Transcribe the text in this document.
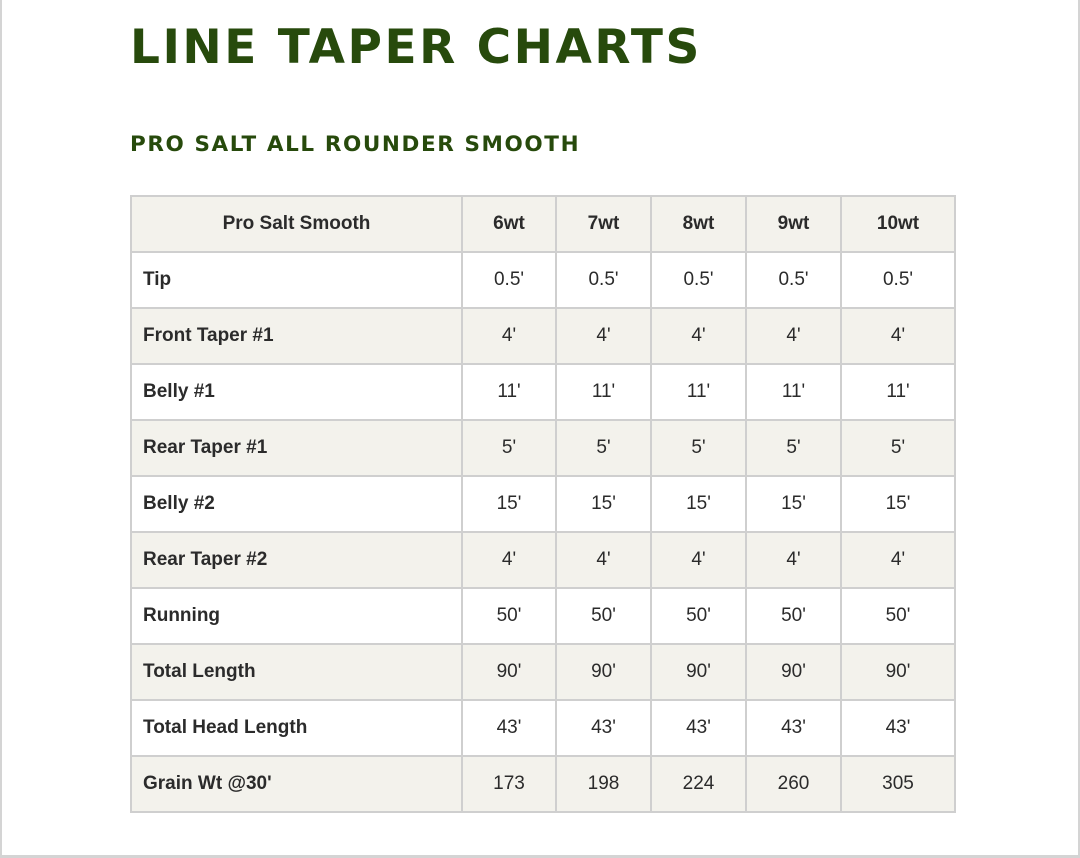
LINE TAPER CHARTS
PRO SALT ALL ROUNDER SMOOTH
Pro Salt Smooth	6wt	7wt	8wt	9wt	10wt
Tip	0.5'	0.5'	0.5'	0.5'	0.5'
Front Taper #1	4'	4'	4'	4'	4'
Belly #1	11'	11'	11'	11'	11'
Rear Taper #1	5'	5'	5'	5'	5'
Belly #2	15'	15'	15'	15'	15'
Rear Taper #2	4'	4'	4'	4'	4'
Running	50'	50'	50'	50'	50'
Total Length	90'	90'	90'	90'	90'
Total Head Length	43'	43'	43'	43'	43'
Grain Wt @30'	173	198	224	260	305
